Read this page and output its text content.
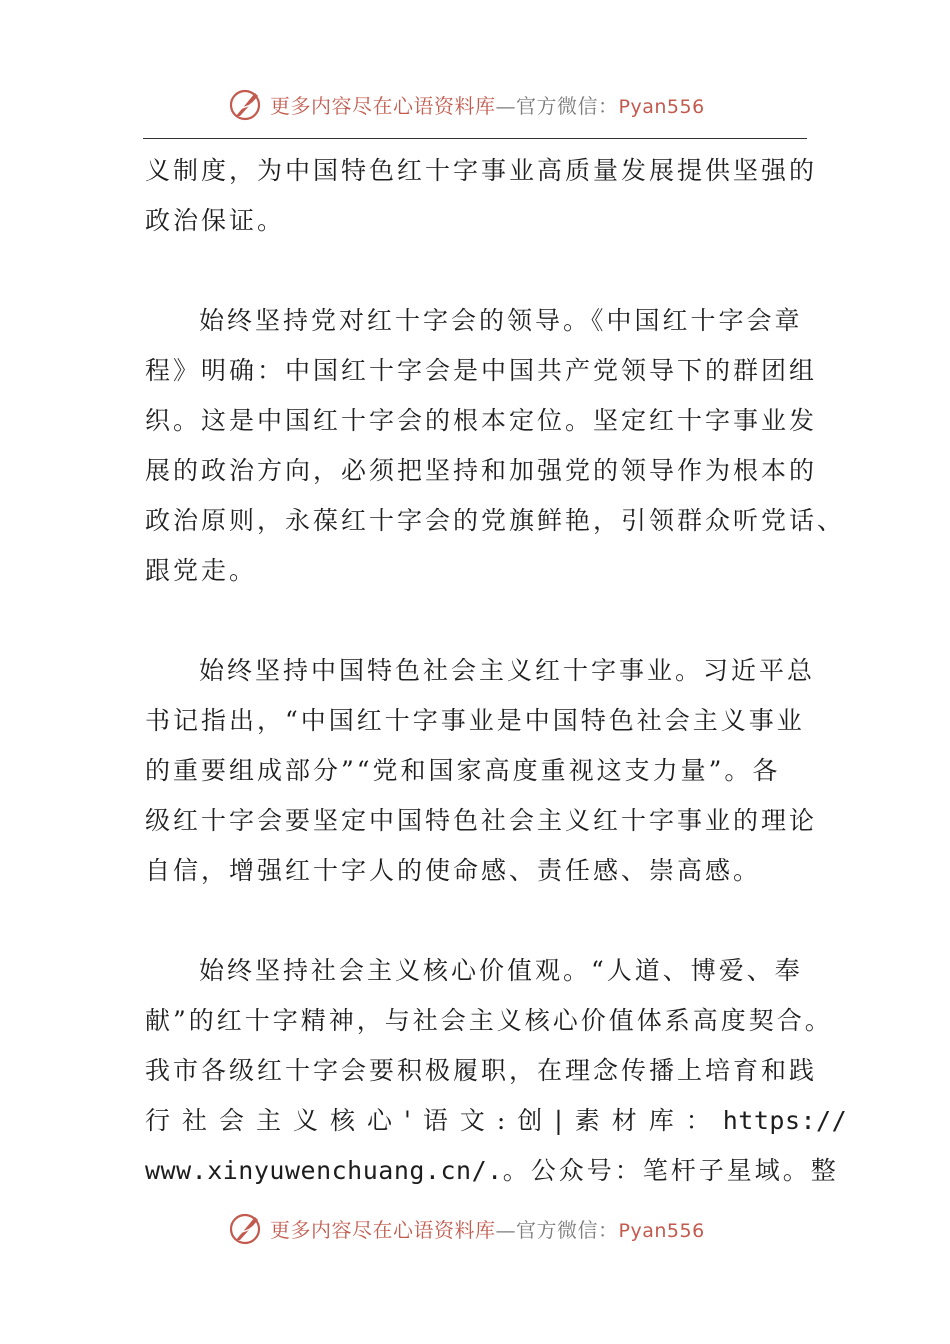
更多内容尽在心语资料库—官方微信：Pyan556
义制度，为中国特色红十字事业高质量发展提供坚强的
政治保证。
始终坚持党对红十字会的领导。《中国红十字会章
程》明确：中国红十字会是中国共产党领导下的群团组
织。这是中国红十字会的根本定位。坚定红十字事业发
展的政治方向，必须把坚持和加强党的领导作为根本的
政治原则，永葆红十字会的党旗鲜艳，引领群众听党话、
跟党走。
始终坚持中国特色社会主义红十字事业。习近平总
书记指出，“中国红十字事业是中国特色社会主义事业
的重要组成部分”“党和国家高度重视这支力量”。各
级红十字会要坚定中国特色社会主义红十字事业的理论
自信，增强红十字人的使命感、责任感、崇高感。
始终坚持社会主义核心价值观。“人道、博爱、奉
献”的红十字精神，与社会主义核心价值体系高度契合。
我市各级红十字会要积极履职，在理念传播上培育和践
行社会主义核心'语文:创|素材库：https://
www.xinyuwenchuang.cn/.。公众号：笔杆子星域。整
更多内容尽在心语资料库—官方微信：Pyan556
